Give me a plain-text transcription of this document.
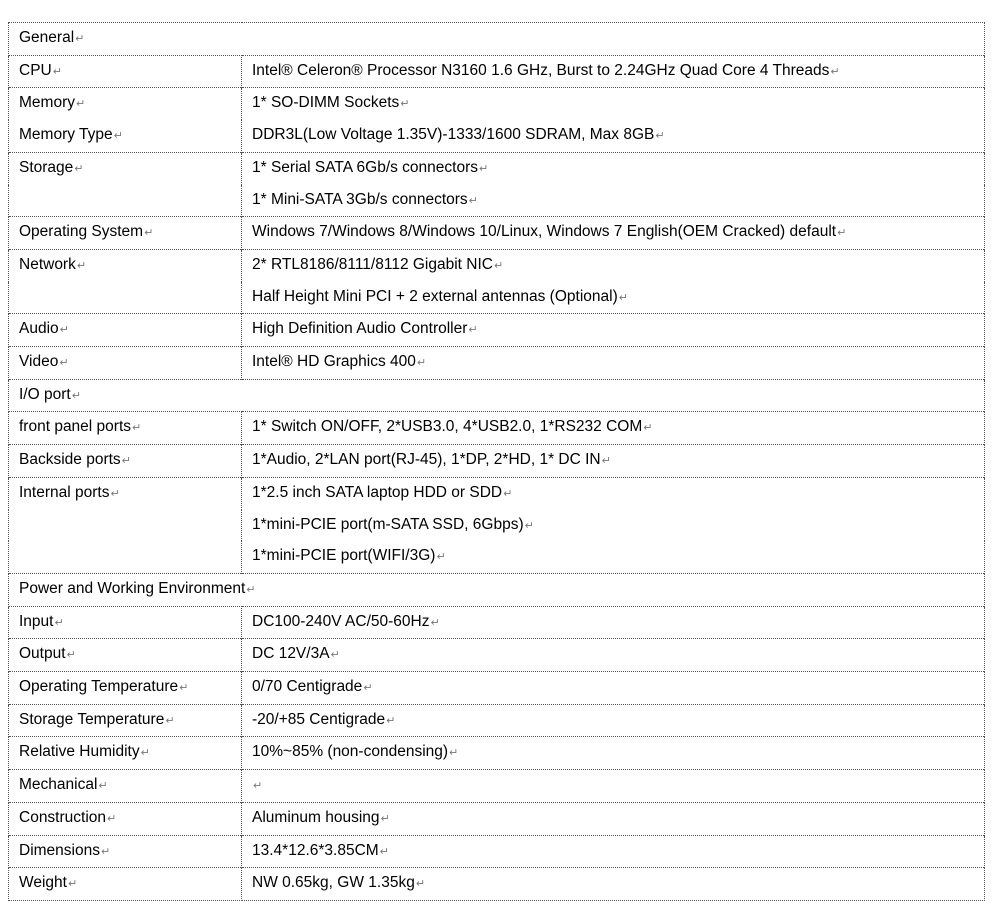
General↵	
CPU↵	Intel® Celeron® Processor N3160 1.6 GHz, Burst to 2.24GHz Quad Core 4 Threads↵
Memory↵	1* SO-DIMM Sockets↵
Memory Type↵	DDR3L(Low Voltage 1.35V)-1333/1600 SDRAM, Max 8GB↵
Storage↵	1* Serial SATA 6Gb/s connectors↵
	1* Mini-SATA 3Gb/s connectors↵
Operating System↵	Windows 7/Windows 8/Windows 10/Linux, Windows 7 English(OEM Cracked) default↵
Network↵	2* RTL8186/8111/8112 Gigabit NIC↵
	Half Height Mini PCI + 2 external antennas (Optional)↵
Audio↵	High Definition Audio Controller↵
Video↵	Intel® HD Graphics 400↵
I/O port↵	
front panel ports↵	1* Switch ON/OFF, 2*USB3.0, 4*USB2.0, 1*RS232 COM↵
Backside ports↵	1*Audio, 2*LAN port(RJ-45), 1*DP, 2*HD, 1* DC IN↵
Internal ports↵	1*2.5 inch SATA laptop HDD or SDD↵
	1*mini-PCIE port(m-SATA SSD, 6Gbps)↵
	1*mini-PCIE port(WIFI/3G)↵
Power and Working Environment↵	
Input↵	DC100-240V AC/50-60Hz↵
Output↵	DC 12V/3A↵
Operating Temperature↵	0/70 Centigrade↵
Storage Temperature↵	-20/+85 Centigrade↵
Relative Humidity↵	10%~85% (non-condensing)↵
Mechanical↵	↵
Construction↵	Aluminum housing↵
Dimensions↵	13.4*12.6*3.85CM↵
Weight↵	NW 0.65kg, GW 1.35kg↵
